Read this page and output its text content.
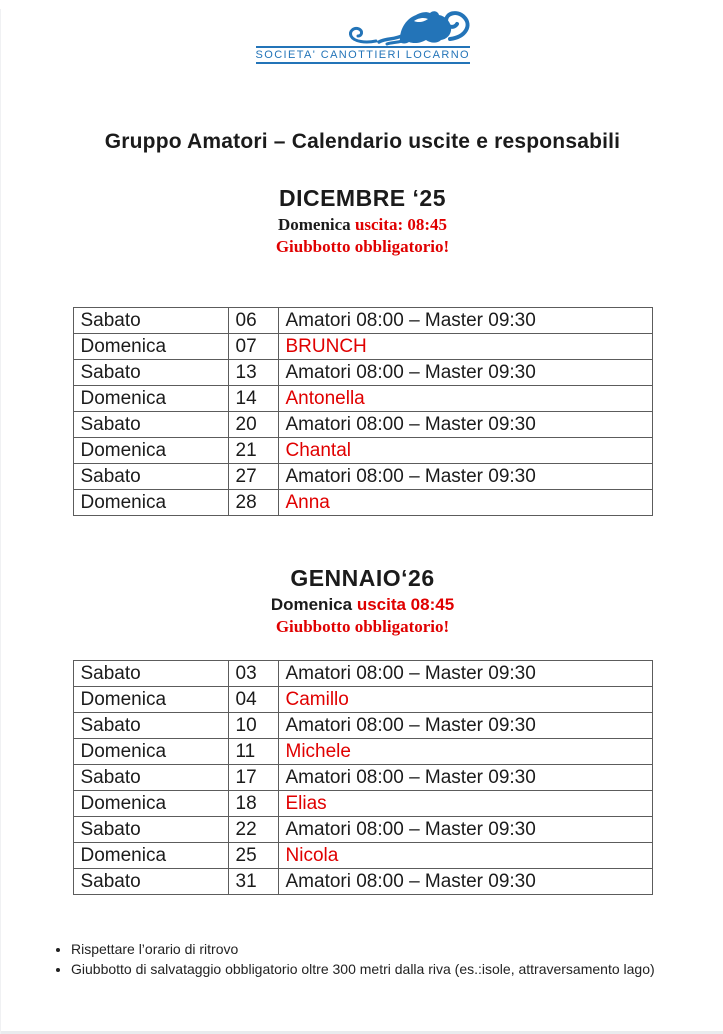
SOCIETA' CANOTTIERI LOCARNO
Gruppo Amatori – Calendario uscite e responsabili
DICEMBRE ‘25

Domenica uscita: 08:45

Giubbotto obbligatorio!

Sabato	06	Amatori 08:00 – Master 09:30
Domenica	07	BRUNCH
Sabato	13	Amatori 08:00 – Master 09:30
Domenica	14	Antonella
Sabato	20	Amatori 08:00 – Master 09:30
Domenica	21	Chantal
Sabato	27	Amatori 08:00 – Master 09:30
Domenica	28	Anna
GENNAIO‘26

Domenica uscita 08:45

Giubbotto obbligatorio!

Sabato	03	Amatori 08:00 – Master 09:30
Domenica	04	Camillo
Sabato	10	Amatori 08:00 – Master 09:30
Domenica	11	Michele
Sabato	17	Amatori 08:00 – Master 09:30
Domenica	18	Elias
Sabato	22	Amatori 08:00 – Master 09:30
Domenica	25	Nicola
Sabato	31	Amatori 08:00 – Master 09:30
• Rispettare l’orario di ritrovo
• Giubbotto di salvataggio obbligatorio oltre 300 metri dalla riva (es.:isole, attraversamento lago)
